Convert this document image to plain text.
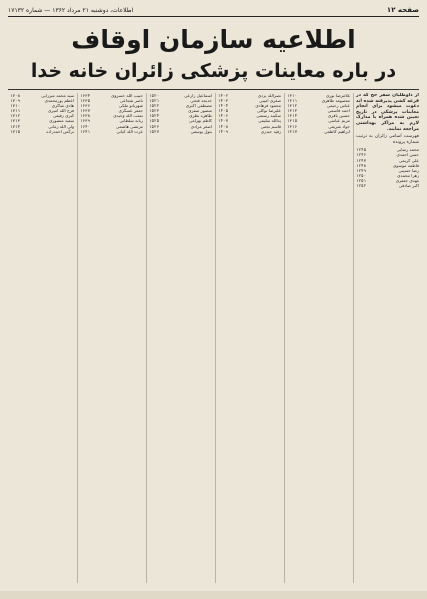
صفحه ۱۲
اطلاعات، دوشنبه ۲۱ مرداد ۱۳۶۲ — شماره ۱۷۱۳۲
اطلاعیه سازمان اوقاف
در باره معاینات پزشکی زائران خانه خدا
از داوطلبان سفر حج که در قرعه کشی پذیرفته شده اند دعوت میشود برای انجام معاینات پزشکی در تاریخ تعیین شده همراه با مدارک لازم به مراکز بهداشتی مراجعه نمایند.
فهرست اسامی زائران به ترتیب شماره پرونده
محمد رضایی
۱۲۴۵
حسن احمدی
۱۲۴۶
علی کریمی
۱۲۴۷
فاطمه موسوی
۱۲۴۸
رضا حسینی
۱۲۴۹
زهرا محمدی
۱۲۵۰
مهدی جعفری
۱۲۵۱
اکبر صادقی
۱۲۵۲
غلامرضا نوری
۱۳۱۰
معصومه طاهری
۱۳۱۱
عباس رحیمی
۱۳۱۲
احمد قاسمی
۱۳۱۳
حسین باقری
۱۳۱۴
مریم عباسی
۱۳۱۵
جواد شریفی
۱۳۱۶
ابراهیم کاظمی
۱۳۱۷
نصرالله یزدی
۱۴۰۲
صغری امینی
۱۴۰۳
محمود فرهادی
۱۴۰۴
علیرضا توکلی
۱۴۰۵
سکینه رستمی
۱۴۰۶
یدالله سلیمی
۱۴۰۷
قاسم نجفی
۱۴۰۸
رقیه حیدری
۱۴۰۹
اسماعیل زارعی
۱۵۲۰
خدیجه فتحی
۱۵۲۱
مصطفی اکبری
۱۵۲۲
منصور صفری
۱۵۲۳
طاهره نظری
۱۵۲۴
کاظم بهرامی
۱۵۲۵
اصغر مرادی
۱۵۲۶
بتول یوسفی
۱۵۲۷
حبیب الله خسروی
۱۶۳۴
ناصر شجاعی
۱۶۳۵
شهربانو ملکی
۱۶۳۶
جعفر عسگری
۱۶۳۷
نعمت الله وحیدی
۱۶۳۸
ربابه سلطانی
۱۶۳۹
مرتضی هاشمی
۱۶۴۰
عزت الله کیانی
۱۶۴۱
سید محمد میرزایی
۱۷۰۸
اعظم پورمحمدی
۱۷۰۹
هادی شاکری
۱۷۱۰
فرج الله امیری
۱۷۱۱
کبری رفیعی
۱۷۱۲
سعید منصوری
۱۷۱۳
ولی الله زمانی
۱۷۱۴
نرگس احمدزاده
۱۷۱۵
